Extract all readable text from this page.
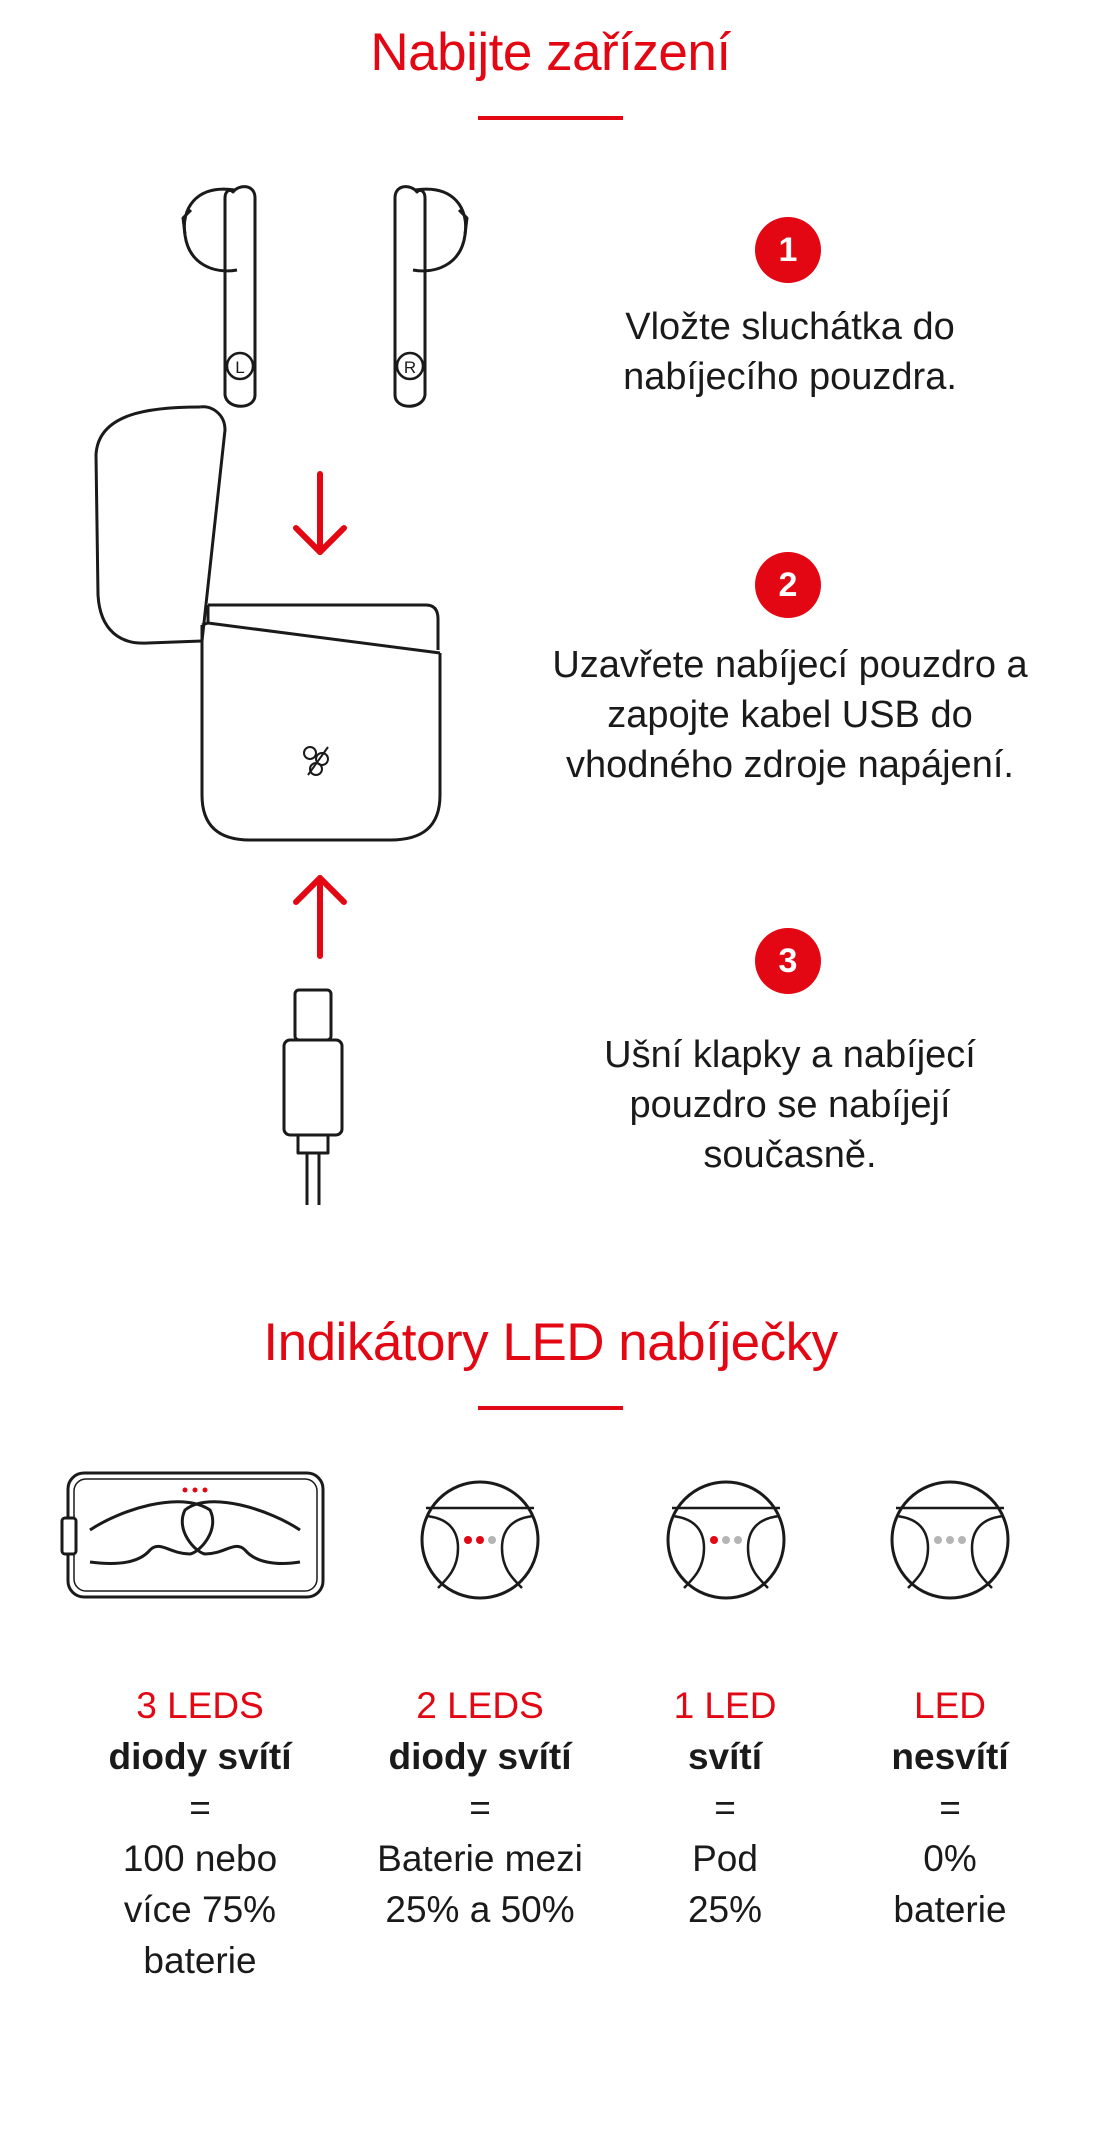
Nabijte zařízení
L	R
1
Vložte sluchátka do
nabíjecího pouzdra.
2
Uzavřete nabíjecí pouzdro a
zapojte kabel USB do
vhodného zdroje napájení.
3
Ušní klapky a nabíjecí
pouzdro se nabíjejí
současně.
Indikátory LED nabíječky
3 LEDS
diody svítí
=
100 nebo
více 75%
baterie
2 LEDS
diody svítí
=
Baterie mezi
25% a 50%
1 LED
svítí
=
Pod
25%
LED
nesvítí
=
0%
baterie
